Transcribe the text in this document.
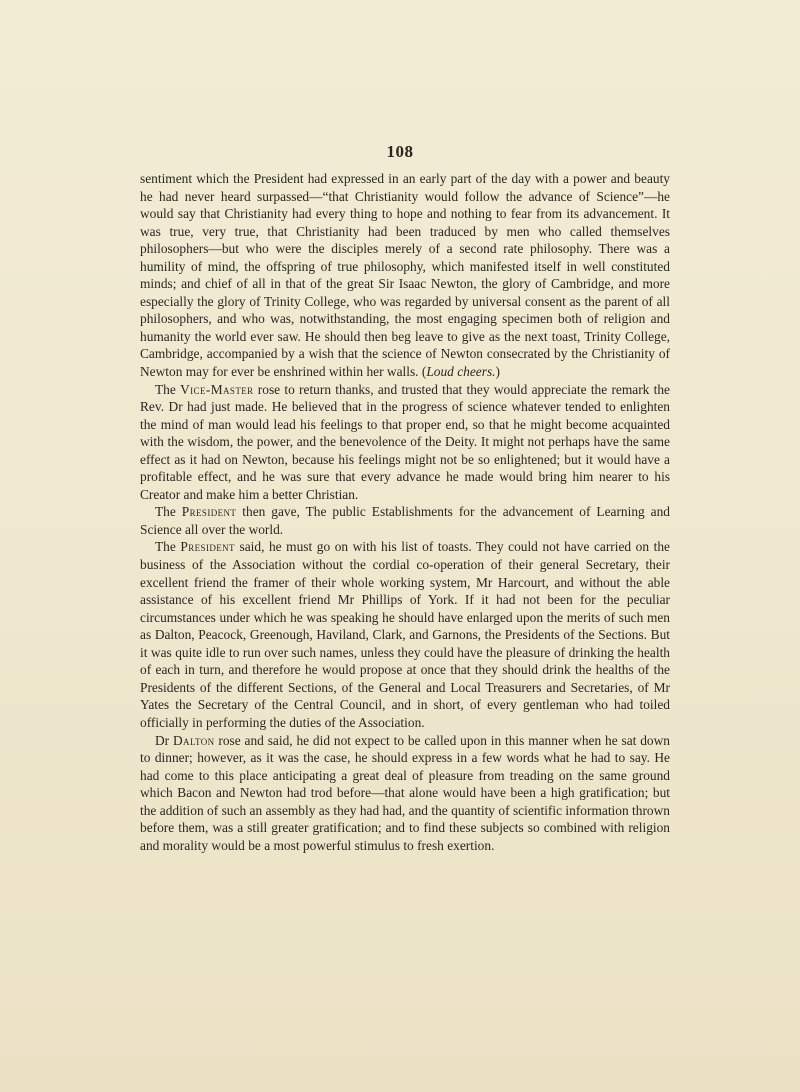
108

sentiment which the President had expressed in an early part of the day with a power and beauty he had never heard surpassed—“that Christianity would follow the advance of Science”—he would say that Christianity had every thing to hope and nothing to fear from its advancement. It was true, very true, that Christianity had been traduced by men who called themselves philosophers—but who were the disciples merely of a second rate philosophy. There was a humility of mind, the offspring of true philosophy, which manifested itself in well constituted minds; and chief of all in that of the great Sir Isaac Newton, the glory of Cambridge, and more especially the glory of Trinity College, who was regarded by universal consent as the parent of all philosophers, and who was, notwithstanding, the most engaging specimen both of religion and humanity the world ever saw. He should then beg leave to give as the next toast, Trinity College, Cambridge, accompanied by a wish that the science of Newton consecrated by the Christianity of Newton may for ever be enshrined within her walls. (Loud cheers.)

The Vice-Master rose to return thanks, and trusted that they would appreciate the remark the Rev. Dr had just made. He believed that in the progress of science whatever tended to enlighten the mind of man would lead his feelings to that proper end, so that he might become acquainted with the wisdom, the power, and the benevolence of the Deity. It might not perhaps have the same effect as it had on Newton, because his feelings might not be so enlightened; but it would have a profitable effect, and he was sure that every advance he made would bring him nearer to his Creator and make him a better Christian.

The President then gave, The public Establishments for the advancement of Learning and Science all over the world.

The President said, he must go on with his list of toasts. They could not have carried on the business of the Association without the cordial co-operation of their general Secretary, their excellent friend the framer of their whole working system, Mr Harcourt, and without the able assistance of his excellent friend Mr Phillips of York. If it had not been for the peculiar circumstances under which he was speaking he should have enlarged upon the merits of such men as Dalton, Peacock, Greenough, Haviland, Clark, and Garnons, the Presidents of the Sections. But it was quite idle to run over such names, unless they could have the pleasure of drinking the health of each in turn, and therefore he would propose at once that they should drink the healths of the Presidents of the different Sections, of the General and Local Treasurers and Secretaries, of Mr Yates the Secretary of the Central Council, and in short, of every gentleman who had toiled officially in performing the duties of the Association.

Dr Dalton rose and said, he did not expect to be called upon in this manner when he sat down to dinner; however, as it was the case, he should express in a few words what he had to say. He had come to this place anticipating a great deal of pleasure from treading on the same ground which Bacon and Newton had trod before—that alone would have been a high gratification; but the addition of such an assembly as they had had, and the quantity of scientific information thrown before them, was a still greater gratification; and to find these subjects so combined with religion and morality would be a most powerful stimulus to fresh exertion.
